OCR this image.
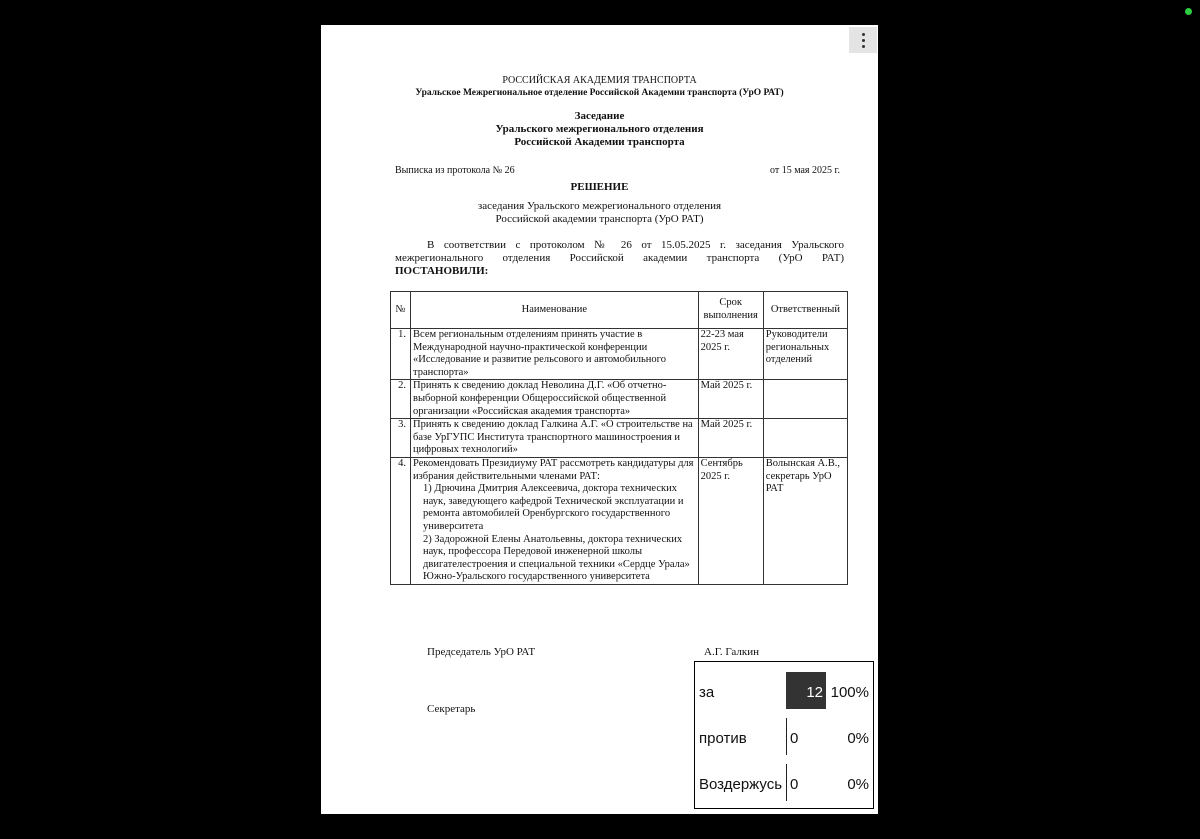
РОССИЙСКАЯ АКАДЕМИЯ ТРАНСПОРТА
Уральское Межрегиональное отделение Российской Академии транспорта (УрО РАТ)
Заседание
Уральского межрегионального отделения
Российской Академии транспорта
Выписка из протокола № 26	от 15 мая 2025 г.
РЕШЕНИЕ
заседания Уральского межрегионального отделения
Российской академии транспорта (УрО РАТ)
В соответствии с протоколом № 26 от 15.05.2025 г. заседания Уральского
межрегионального отделения Российской академии транспорта (УрО РАТ)
ПОСТАНОВИЛИ:
№	Наименование	Срок выполнения	Ответственный
1.	Всем региональным отделениям принять участие в Международной научно-практической конференции «Исследование и развитие рельсового и автомобильного транспорта»	22-23 мая 2025 г.	Руководители региональных отделений
2.	Принять к сведению доклад Неволина Д.Г. «Об отчетно-выборной конференции Общероссийской общественной организации «Российская академия транспорта»	Май 2025 г.	
3.	Принять к сведению доклад Галкина А.Г. «О строительстве на базе УрГУПС Института транспортного машиностроения и цифровых технологий»	Май 2025 г.	
4.	Рекомендовать Президиуму РАТ рассмотреть кандидатуры для избрания действительными членами РАТ:
1) Дрючина Дмитрия Алексеевича, доктора технических наук, заведующего кафедрой Технической эксплуатации и ремонта автомобилей Оренбургского государственного университета
2) Задорожной Елены Анатольевны, доктора технических наук, профессора Передовой инженерной школы двигателестроения и специальной техники «Сердце Урала» Южно-Уральского государственного университета	Сентябрь 2025 г.	Волынская А.В., секретарь УрО РАТ
Председатель УрО РАТ	А.Г. Галкин
Секретарь
за	12 100%
против	0	0%
Воздержусь 0	0%
